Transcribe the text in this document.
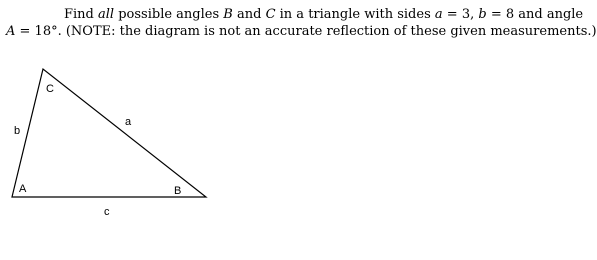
Find all possible angles B and C in a triangle with sides a = 3, b = 8 and angle
A = 18°. (NOTE: the diagram is not an accurate reflection of these given measurements.)

C
A	B
a
b
c
